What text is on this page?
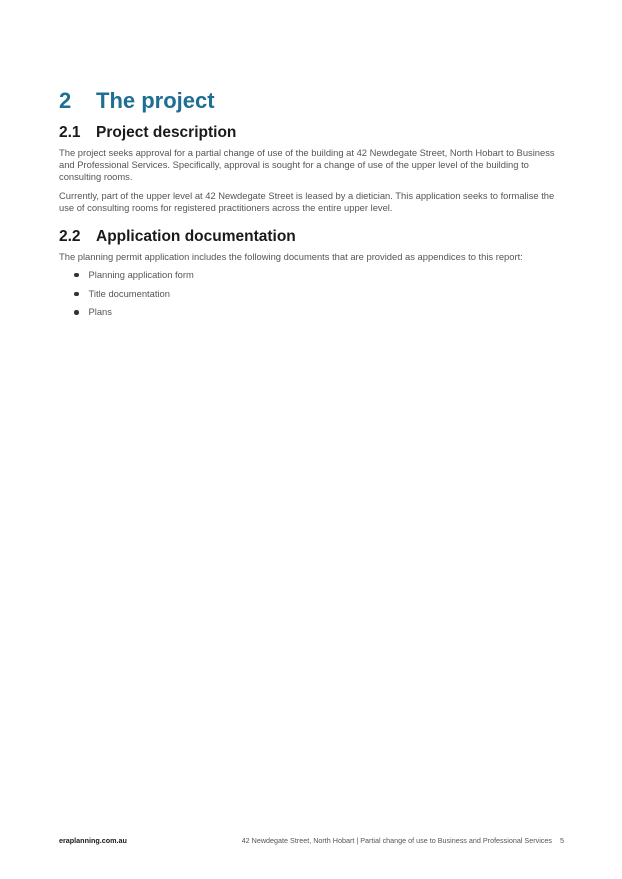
2	The project
2.1 Project description

The project seeks approval for a partial change of use of the building at 42 Newdegate Street, North Hobart to Business and Professional Services. Specifically, approval is sought for a change of use of the upper level of the building to consulting rooms.

Currently, part of the upper level at 42 Newdegate Street is leased by a dietician. This application seeks to formalise the use of consulting rooms for registered practitioners across the entire upper level.

2.2 Application documentation

The planning permit application includes the following documents that are provided as appendices to this report:

Planning application form
Title documentation
Plans
eraplanning.com.au	42 Newdegate Street, North Hobart | Partial change of use to Business and Professional Services 5
